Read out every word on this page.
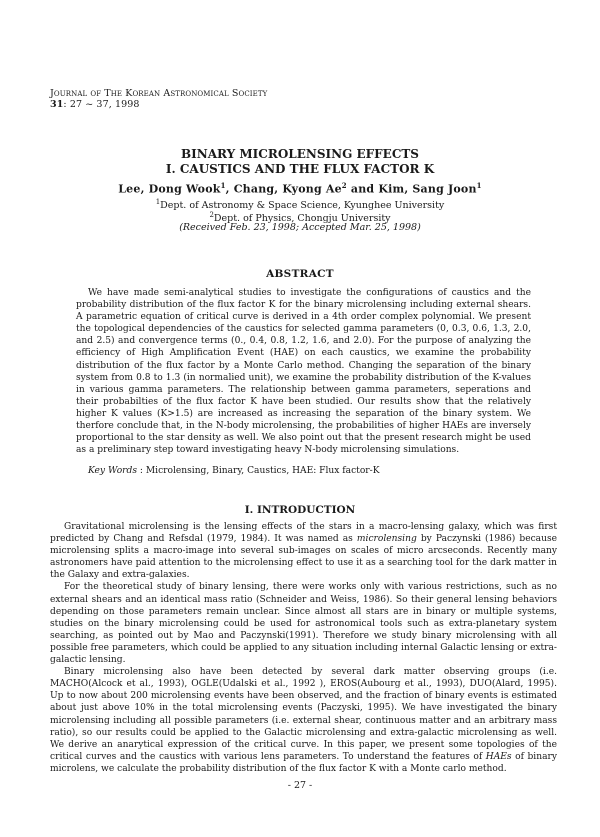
Journal of The Korean Astronomical Society
31: 27 ~ 37, 1998
BINARY MICROLENSING EFFECTS
I. CAUSTICS AND THE FLUX FACTOR K
Lee, Dong Wook$^1$, Chang, Kyong Ae$^2$ and Kim, Sang Joon$^1$
$^1$Dept. of Astronomy & Space Science, Kyunghee University
$^2$Dept. of Physics, Chongju University
(Received Feb. 23, 1998; Accepted Mar. 25, 1998)
ABSTRACT

We have made semi-analytical studies to investigate the configurations of caustics and the probability distribution of the flux factor K for the binary microlensing including external shears. A parametric equation of critical curve is derived in a 4th order complex polynomial. We present the topological dependencies of the caustics for selected gamma parameters (0, 0.3, 0.6, 1.3, 2.0, and 2.5) and convergence terms (0., 0.4, 0.8, 1.2, 1.6, and 2.0). For the purpose of analyzing the efficiency of High Amplification Event (HAE) on each caustics, we examine the probability distribution of the flux factor by a Monte Carlo method. Changing the separation of the binary system from 0.8 to 1.3 (in normalied unit), we examine the probability distribution of the K-values in various gamma parameters. The relationship between gamma parameters, seperations and their probabilties of the flux factor K have been studied. Our results show that the relatively higher K values (K>1.5) are increased as increasing the separation of the binary system. We therfore conclude that, in the N-body microlensing, the probabilities of higher HAEs are inversely proportional to the star density as well. We also point out that the present research might be used as a preliminary step toward investigating heavy N-body microlensing simulations.

Key Words : Microlensing, Binary, Caustics, HAE: Flux factor-K
I. INTRODUCTION

Gravitational microlensing is the lensing effects of the stars in a macro-lensing galaxy, which was first predicted by Chang and Refsdal (1979, 1984). It was named as microlensing by Paczynski (1986) because microlensing splits a macro-image into several sub-images on scales of micro arcseconds. Recently many astronomers have paid attention to the microlensing effect to use it as a searching tool for the dark matter in the Galaxy and extra-galaxies.

For the theoretical study of binary lensing, there were works only with various restrictions, such as no external shears and an identical mass ratio (Schneider and Weiss, 1986). So their general lensing behaviors depending on those parameters remain unclear. Since almost all stars are in binary or multiple systems, studies on the binary microlensing could be used for astronomical tools such as extra-planetary system searching, as pointed out by Mao and Paczynski(1991). Therefore we study binary microlensing with all possible free parameters, which could be applied to any situation including internal Galactic lensing or extra-galactic lensing.

Binary microlensing also have been detected by several dark matter observing groups (i.e. MACHO(Alcock et al., 1993), OGLE(Udalski et al., 1992 ), EROS(Aubourg et al., 1993), DUO(Alard, 1995). Up to now about 200 microlensing events have been observed, and the fraction of binary events is estimated about just above 10% in the total microlensing events (Paczyski, 1995). We have investigated the binary microlensing including all possible parameters (i.e. external shear, continuous matter and an arbitrary mass ratio), so our results could be applied to the Galactic microlensing and extra-galactic microlensing as well. We derive an anarytical expression of the critical curve. In this paper, we present some topologies of the critical curves and the caustics with various lens parameters. To understand the features of HAEs of binary microlens, we calculate the probability distribution of the flux factor K with a Monte carlo method.

- 27 -
